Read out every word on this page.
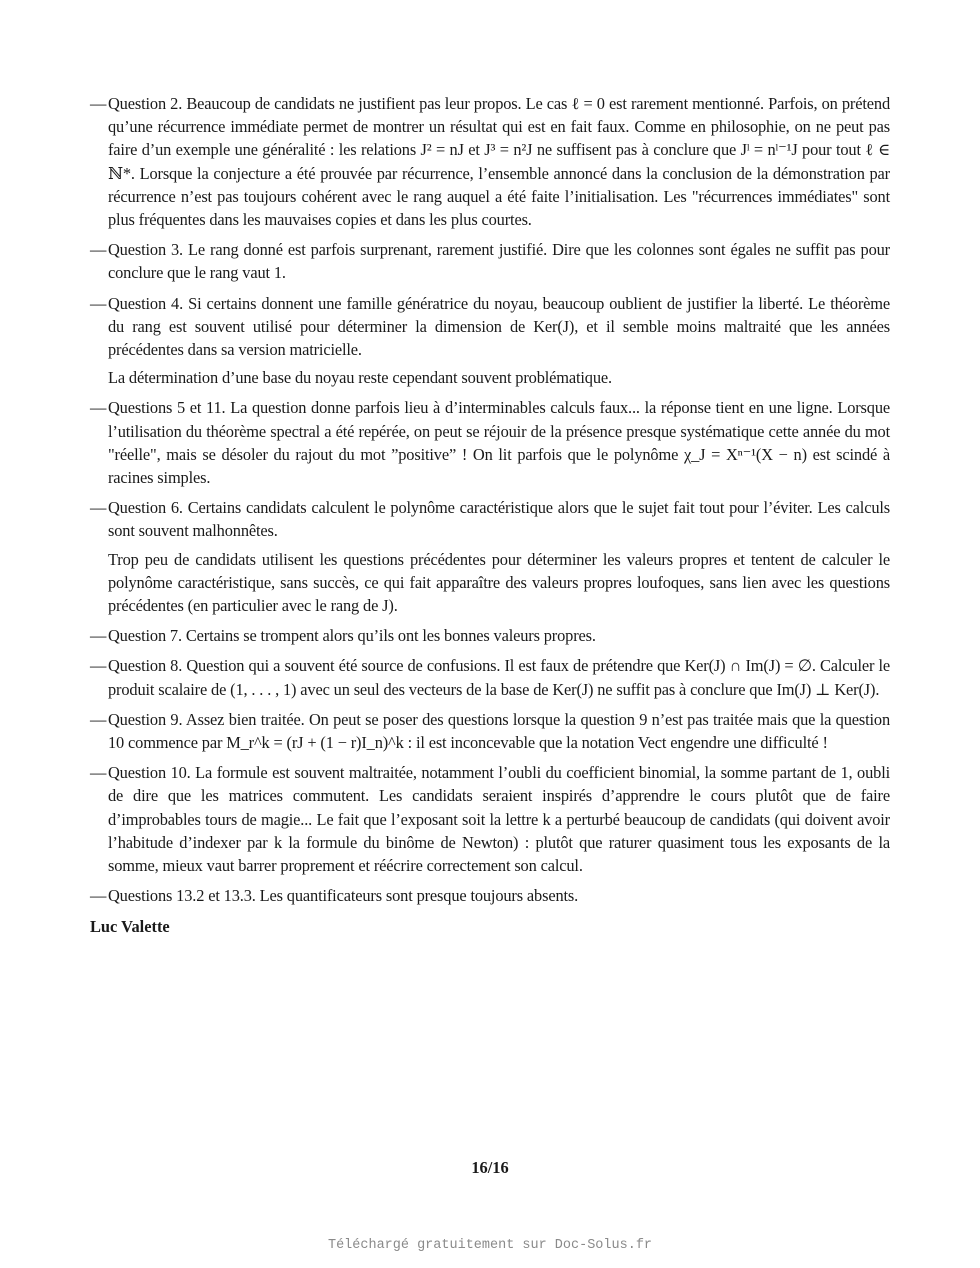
— Question 2. Beaucoup de candidats ne justifient pas leur propos. Le cas ℓ = 0 est rarement mentionné. Parfois, on prétend qu’une récurrence immédiate permet de montrer un résultat qui est en fait faux. Comme en philosophie, on ne peut pas faire d’un exemple une généralité : les relations J² = nJ et J³ = n²J ne suffisent pas à conclure que Jˡ = nˡ⁻¹J pour tout ℓ ∈ ℕ*. Lorsque la conjecture a été prouvée par récurrence, l’ensemble annoncé dans la conclusion de la démonstration par récurrence n’est pas toujours cohérent avec le rang auquel a été faite l’initialisation. Les "récurrences immédiates" sont plus fréquentes dans les mauvaises copies et dans les plus courtes.

— Question 3. Le rang donné est parfois surprenant, rarement justifié. Dire que les colonnes sont égales ne suffit pas pour conclure que le rang vaut 1.

— Question 4. Si certains donnent une famille génératrice du noyau, beaucoup oublient de justifier la liberté. Le théorème du rang est souvent utilisé pour déterminer la dimension de Ker(J), et il semble moins maltraité que les années précédentes dans sa version matricielle.

La détermination d’une base du noyau reste cependant souvent problématique.

— Questions 5 et 11. La question donne parfois lieu à d’interminables calculs faux... la réponse tient en une ligne. Lorsque l’utilisation du théorème spectral a été repérée, on peut se réjouir de la présence presque systématique cette année du mot "réelle", mais se désoler du rajout du mot ”positive” ! On lit parfois que le polynôme χ_J = Xⁿ⁻¹(X − n) est scindé à racines simples.

— Question 6. Certains candidats calculent le polynôme caractéristique alors que le sujet fait tout pour l’éviter. Les calculs sont souvent malhonnêtes.

Trop peu de candidats utilisent les questions précédentes pour déterminer les valeurs propres et tentent de calculer le polynôme caractéristique, sans succès, ce qui fait apparaître des valeurs propres loufoques, sans lien avec les questions précédentes (en particulier avec le rang de J).

— Question 7. Certains se trompent alors qu’ils ont les bonnes valeurs propres.

— Question 8. Question qui a souvent été source de confusions. Il est faux de prétendre que Ker(J) ∩ Im(J) = ∅. Calculer le produit scalaire de (1, . . . , 1) avec un seul des vecteurs de la base de Ker(J) ne suffit pas à conclure que Im(J) ⊥ Ker(J).

— Question 9. Assez bien traitée. On peut se poser des questions lorsque la question 9 n’est pas traitée mais que la question 10 commence par M_r^k = (rJ + (1 − r)I_n)^k : il est inconcevable que la notation Vect engendre une difficulté !

— Question 10. La formule est souvent maltraitée, notamment l’oubli du coefficient binomial, la somme partant de 1, oubli de dire que les matrices commutent. Les candidats seraient inspirés d’apprendre le cours plutôt que de faire d’improbables tours de magie... Le fait que l’exposant soit la lettre k a perturbé beaucoup de candidats (qui doivent avoir l’habitude d’indexer par k la formule du binôme de Newton) : plutôt que raturer quasiment tous les exposants de la somme, mieux vaut barrer proprement et réécrire correctement son calcul.

— Questions 13.2 et 13.3. Les quantificateurs sont presque toujours absents.

Luc Valette
16/16
Téléchargé gratuitement sur Doc-Solus.fr
